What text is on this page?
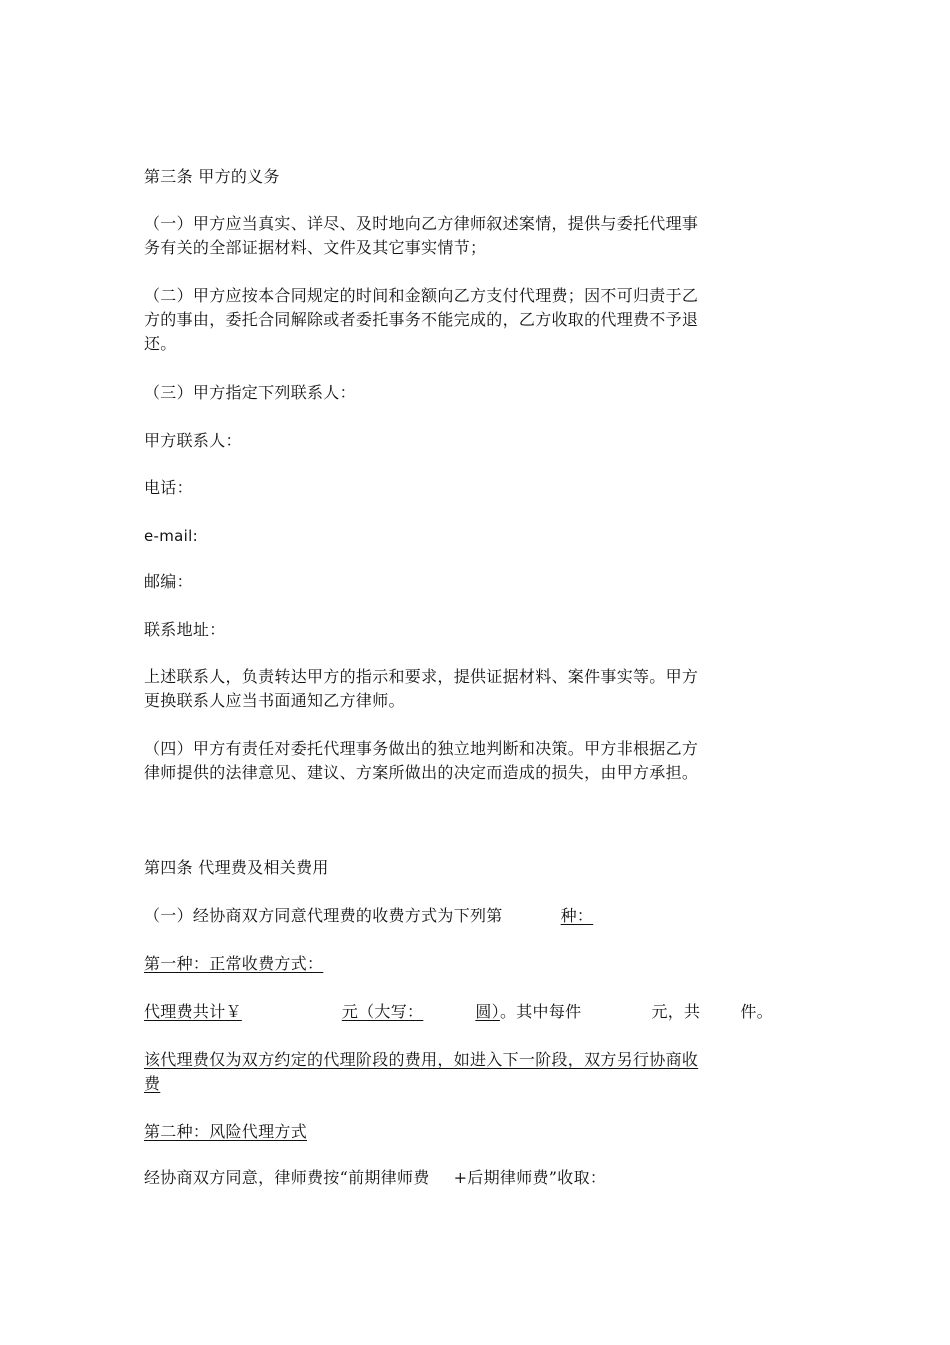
第三条 甲方的义务
（一）甲方应当真实、详尽、及时地向乙方律师叙述案情，提供与委托代理事
务有关的全部证据材料、文件及其它事实情节；
（二）甲方应按本合同规定的时间和金额向乙方支付代理费；因不可归责于乙
方的事由，委托合同解除或者委托事务不能完成的，乙方收取的代理费不予退
还。
（三）甲方指定下列联系人：
甲方联系人：
电话：
e-mail:
邮编：
联系地址：
上述联系人，负责转达甲方的指示和要求，提供证据材料、案件事实等。甲方
更换联系人应当书面通知乙方律师。
（四）甲方有责任对委托代理事务做出的独立地判断和决策。甲方非根据乙方
律师提供的法律意见、建议、方案所做出的决定而造成的损失，由甲方承担。
第四条 代理费及相关费用
（一）经协商双方同意代理费的收费方式为下列第	种：
第一种：正常收费方式：
代理费共计￥	元（大写：	圆）。其中每件	元，共	件。
该代理费仅为双方约定的代理阶段的费用，如进入下一阶段，双方另行协商收
费
第二种：风险代理方式
经协商双方同意，律师费按“前期律师费 +后期律师费”收取：
